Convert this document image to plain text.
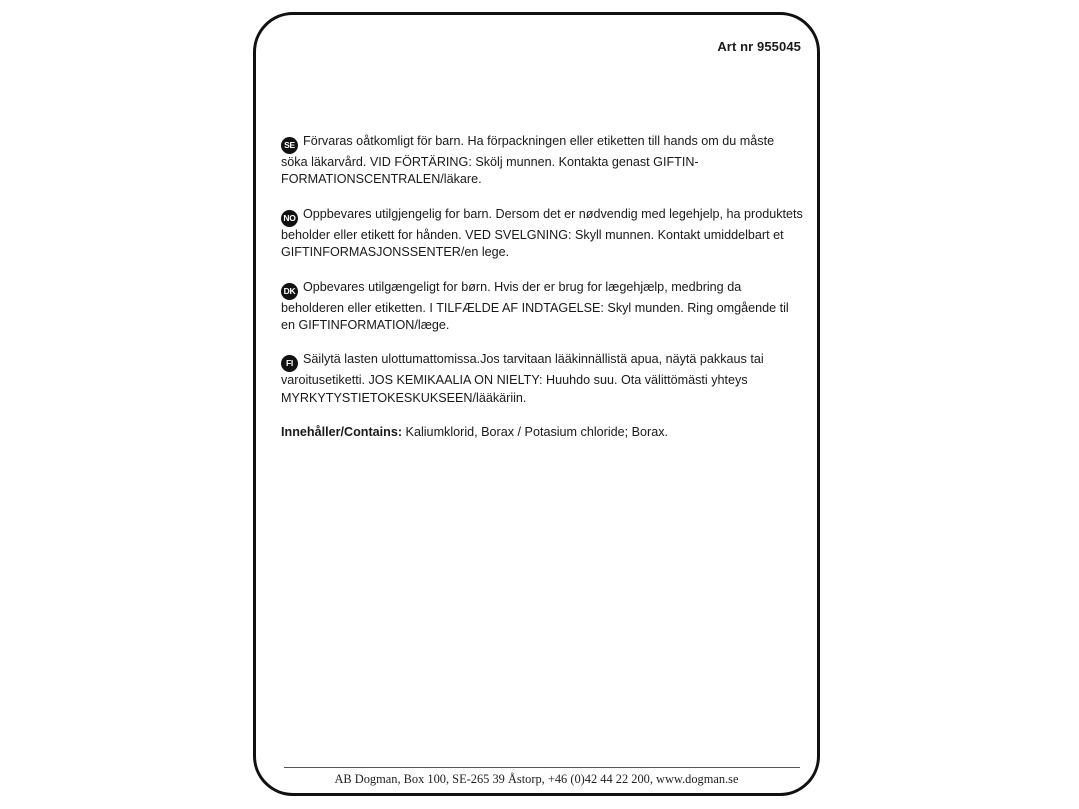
Art nr 955045

SE Förvaras oåtkomligt för barn. Ha förpackningen eller etiketten till hands om du måste söka läkarvård. VID FÖRTÄRING: Skölj munnen. Kontakta genast GIFTIN-FORMATIONSCENTRALEN/läkare.

NO Oppbevares utilgjengelig for barn. Dersom det er nødvendig med legehjelp, ha produktets beholder eller etikett for hånden. VED SVELGNING: Skyll munnen. Kontakt umiddelbart et GIFTINFORMASJONSSENTER/en lege.

DK Opbevares utilgængeligt for børn. Hvis der er brug for lægehjælp, medbring da beholderen eller etiketten. I TILFÆLDE AF INDTAGELSE: Skyl munden. Ring omgående til en GIFTINFORMATION/læge.

FI Säilytä lasten ulottumattomissa.Jos tarvitaan lääkinnällistä apua, näytä pakkaus tai varoitusetiketti. JOS KEMIKAALIA ON NIELTY: Huuhdo suu. Ota välittömästi yhteys MYRKYTYSTIETOKESKUKSEEN/lääkäriin.

Innehåller/Contains: Kaliumklorid, Borax / Potasium chloride; Borax.
AB Dogman, Box 100, SE-265 39 Åstorp, +46 (0)42 44 22 200, www.dogman.se
